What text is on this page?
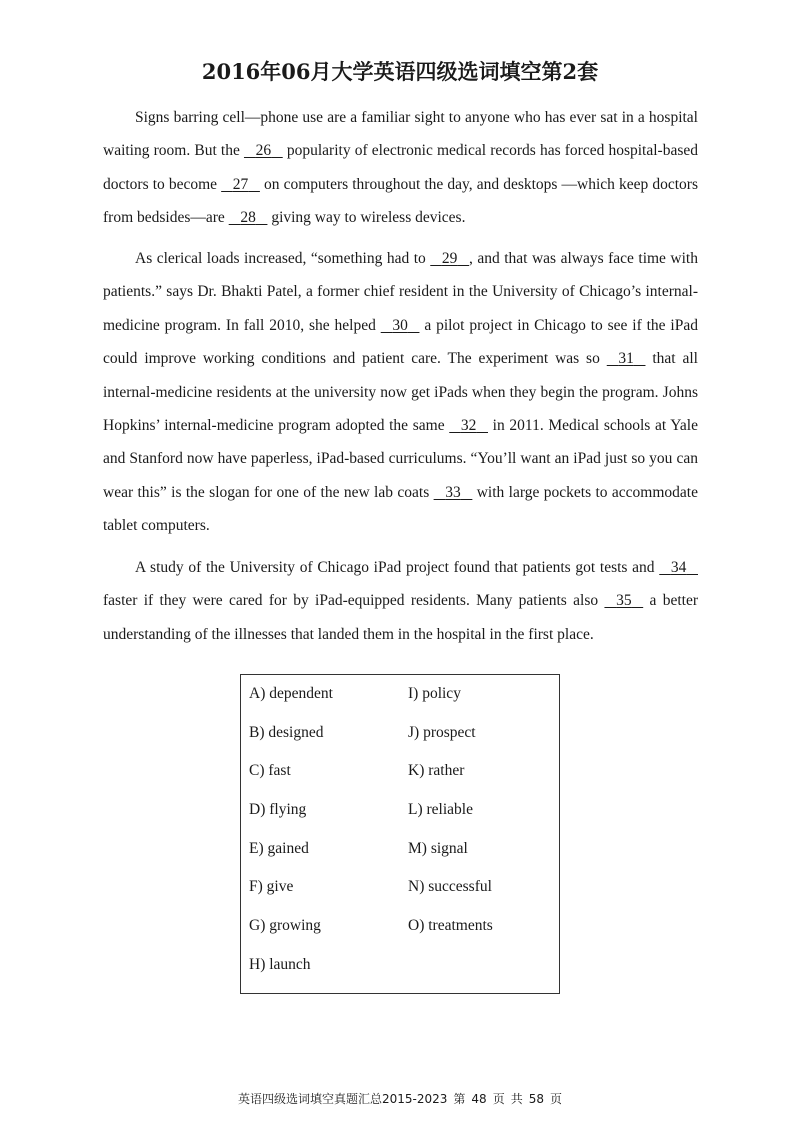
2016年06月大学英语四级选词填空第2套
Signs barring cell—phone use are a familiar sight to anyone who has ever sat in a hospital waiting room. But the    26    popularity of electronic medical records has forced hospital-based doctors to become    27    on computers throughout the day, and desktops —which keep doctors from bedsides—are    28    giving way to wireless devices.
As clerical loads increased, “something had to    29 , and that was always face time with patients.” says Dr. Bhakti Patel, a former chief resident in the University of Chicago’s internal-medicine program. In fall 2010, she helped    30    a pilot project in Chicago to see if the iPad could improve working conditions and patient care. The experiment was so    31    that all internal-medicine residents at the university now get iPads when they begin the program. Johns Hopkins’ internal-medicine program adopted the same    32    in 2011. Medical schools at Yale and Stanford now have paperless, iPad-based curriculums. “You’ll want an iPad just so you can wear this” is the slogan for one of the new lab coats    33    with large pockets to accommodate tablet computers.
A study of the University of Chicago iPad project found that patients got tests and    34    faster if they were cared for by iPad-equipped residents. Many patients also    35    a better understanding of the illnesses that landed them in the hospital in the first place.
A) dependent
B) designed
C) fast
D) flying
E) gained
F) give
G) growing
H) launch
I) policy
J) prospect
K) rather
L) reliable
M) signal
N) successful
O) treatments
英语四级选词填空真题汇总2015-2023 第 48 页 共 58 页
